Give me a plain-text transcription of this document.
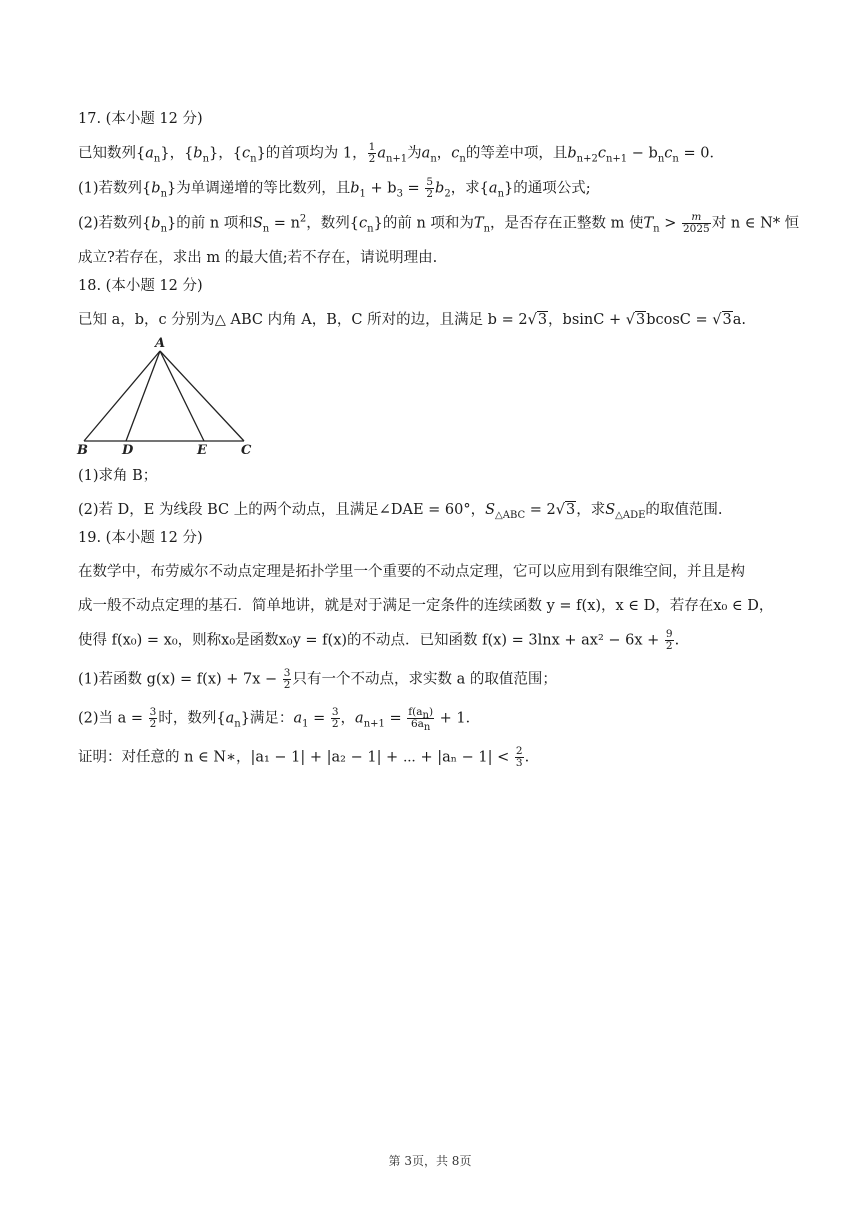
17. (本小题 12 分)

已知数列$\{a_n\}$，$\{b_n\}$，$\{c_n\}$的首项均为 1， $\frac{1}{2} a_{n+1}$为$a_n$，$c_n$的等差中项，且$b_{n+2}c_{n+1} - b_nc_n = 0$．

(1)若数列$\{b_n\}$为单调递增的等比数列，且$b_1 + b_3 = \frac{5}{2} b_2$，求$\{a_n\}$的通项公式;

(2)若数列$\{b_n\}$的前 n 项和$S_n = n^2$，数列$\{c_n\}$的前 n 项和为$T_n$，是否存在正整数 m 使$T_n > \frac{m}{2025}$ 对 n ∈ N* 恒

成立?若存在，求出 m 的最大值;若不存在，请说明理由.

18. (本小题 12 分)

已知 a，b，c 分别为△ ABC 内角 A，B，C 所对的边，且满足 b = 2√3，bsinC + √3bcosC = √3a.

A
B	D	E	C

(1)求角 B；

(2)若 D，E 为线段 BC 上的两个动点，且满足∠DAE = 60°，$S_{\triangle ABC} = 2√3$，求$S_{\triangle ADE}$的取值范围.

19. (本小题 12 分)

在数学中，布劳威尔不动点定理是拓扑学里一个重要的不动点定理，它可以应用到有限维空间，并且是构

成一般不动点定理的基石．简单地讲，就是对于满足一定条件的连续函数 y = f(x)，x ∈ D，若存在x₀ ∈ D，

使得 f(x₀) = x₀，则称x₀是函数x₀y = f(x)的不动点．已知函数 $f(x) = 3\ln x + ax^2 - 6x + \frac{9}{2}$ .

(1)若函数 $g(x) = f(x) + 7x - \frac{3}{2}$ 只有一个不动点，求实数 a 的取值范围；

(2)当 $a = \frac{3}{2}$ 时，数列$\{a_n\}$满足：$a_1 = \frac{3}{2}$ ，$a_{n+1} = \frac{f(a_n)}{6a_n} + 1$．

证明：对任意的 n ∈ N∗，|a₁ − 1| + |a₂ − 1| + ⋯ + $|a_n - 1| < \frac{2}{3}$ .

第 3页，共 8页
